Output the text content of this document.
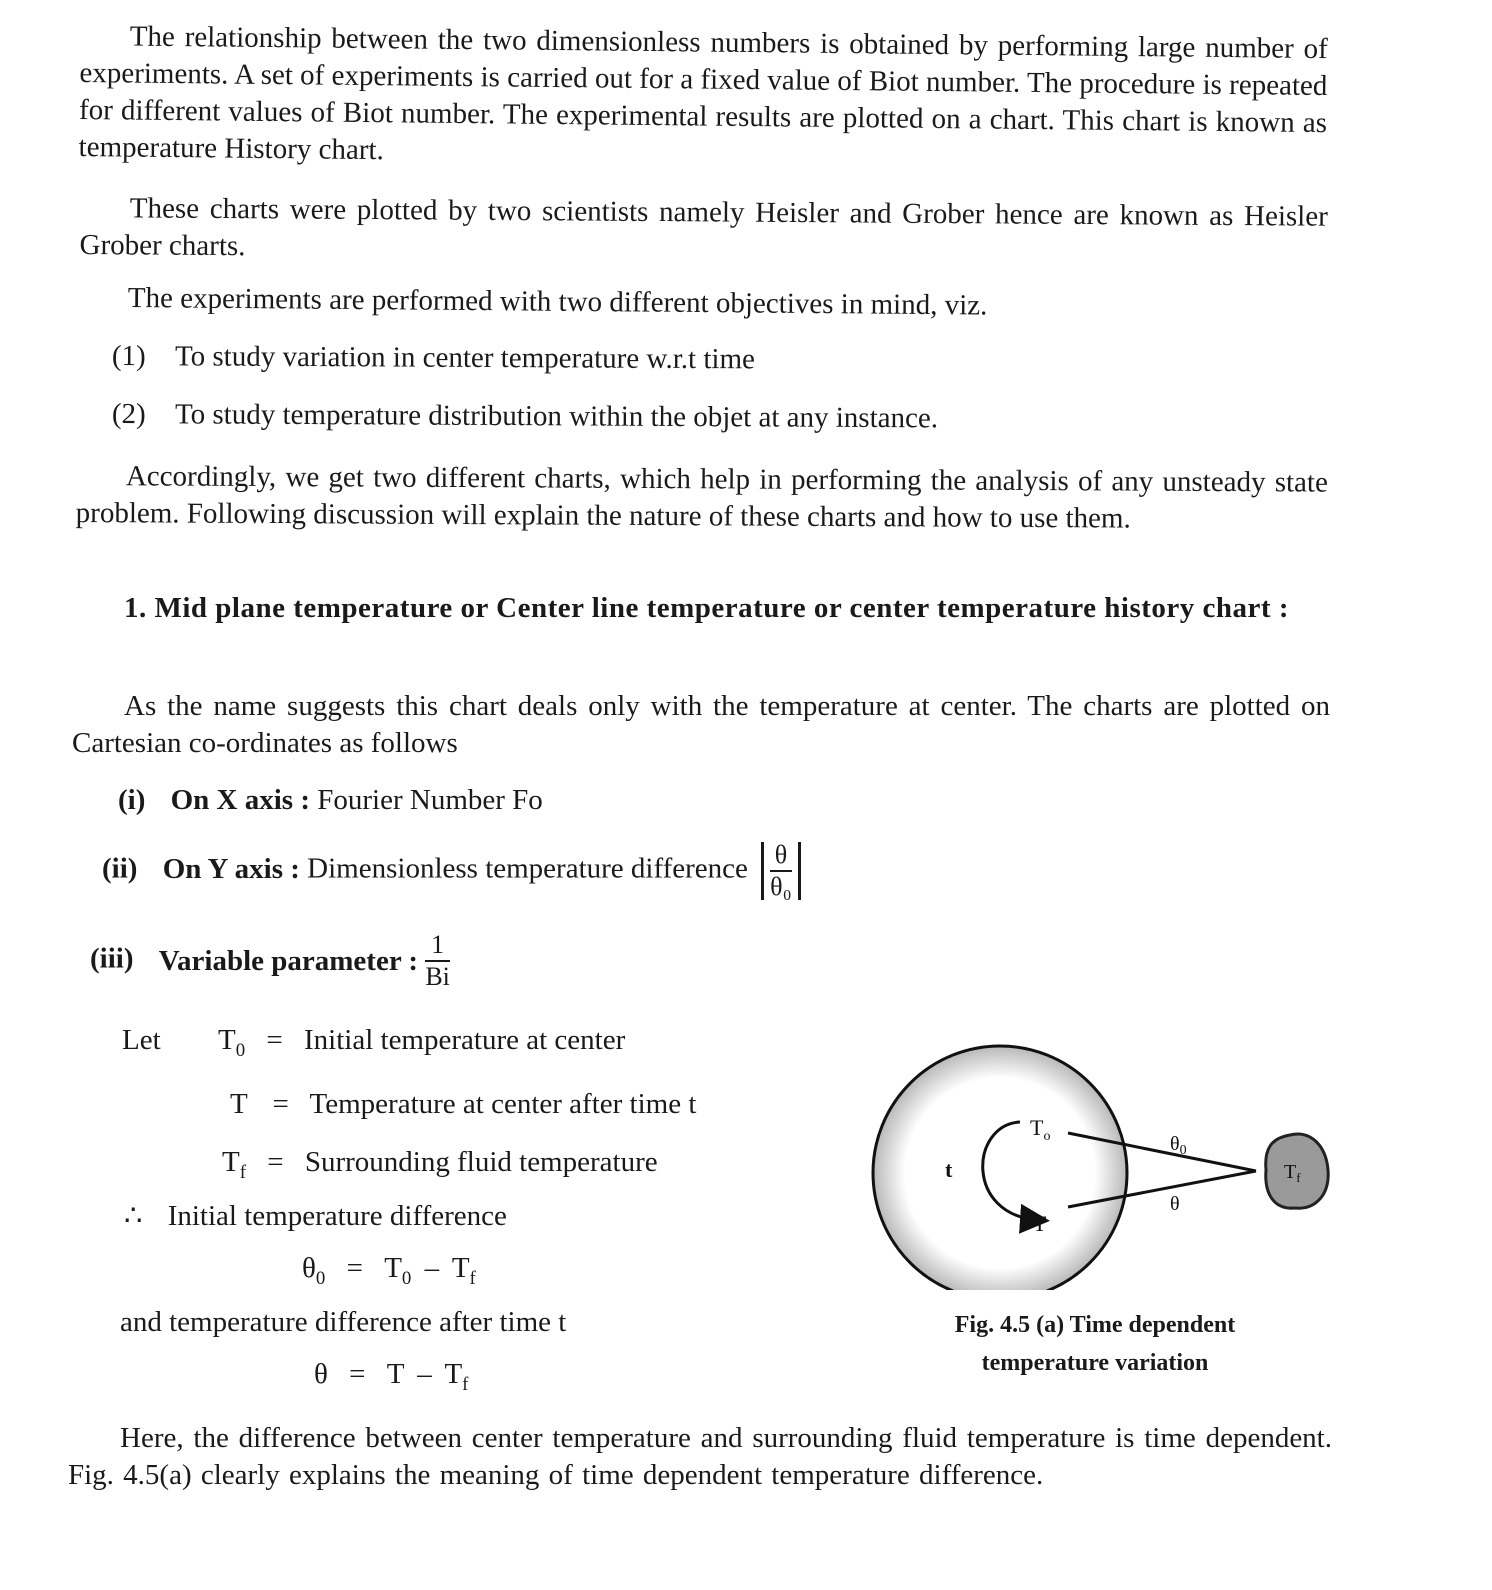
The relationship between the two dimensionless numbers is obtained by performing large number of experiments. A set of experiments is carried out for a fixed value of Biot number. The procedure is repeated for different values of Biot number. The experimental results are plotted on a chart. This chart is known as temperature History chart.
These charts were plotted by two scientists namely Heisler and Grober hence are known as Heisler Grober charts.
The experiments are performed with two different objectives in mind, viz.
(1) To study variation in center temperature w.r.t time
(2) To study temperature distribution within the objet at any instance.
Accordingly, we get two different charts, which help in performing the analysis of any unsteady state problem. Following discussion will explain the nature of these charts and how to use them.
1. Mid plane temperature or Center line temperature or center temperature history chart :
As the name suggests this chart deals only with the temperature at center. The charts are plotted on Cartesian co-ordinates as follows
(i) On X axis : Fourier Number Fo
(ii) On Y axis : Dimensionless temperature difference $\frac{\theta}{\text{θ₀}}$
(iii) Variable parameter : $\frac{1}{Bi}$
Let $T_0$ = Initial temperature at center
T = Temperature at center after time t
$T_f$ = Surrounding fluid temperature
∴ Initial temperature difference
$\theta_0 = T_0 - T_f$
and temperature difference after time t
$\theta = T - T_f$
$T_o$
T
t
$\theta_0$
θ
$T_f$
Fig. 4.5 (a) Time dependent
temperature variation
Here, the difference between center temperature and surrounding fluid temperature is time dependent. Fig. 4.5(a) clearly explains the meaning of time dependent temperature difference.
